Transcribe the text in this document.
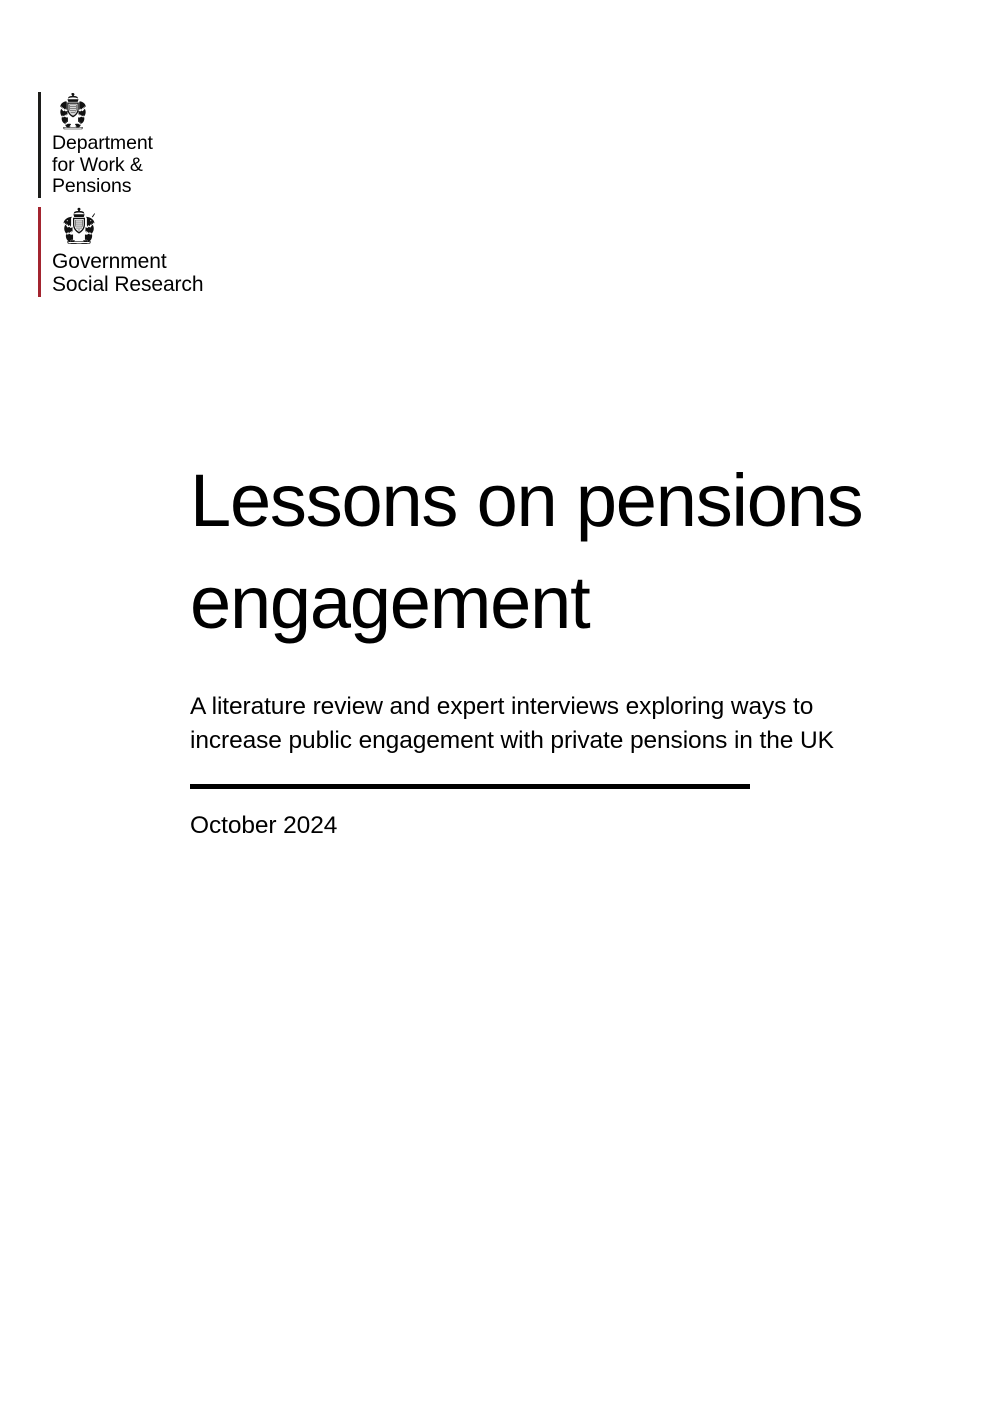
Department
for Work &
Pensions
Government
Social Research
Lessons on pensions
engagement

A literature review and expert interviews exploring ways to
increase public engagement with private pensions in the UK

October 2024
